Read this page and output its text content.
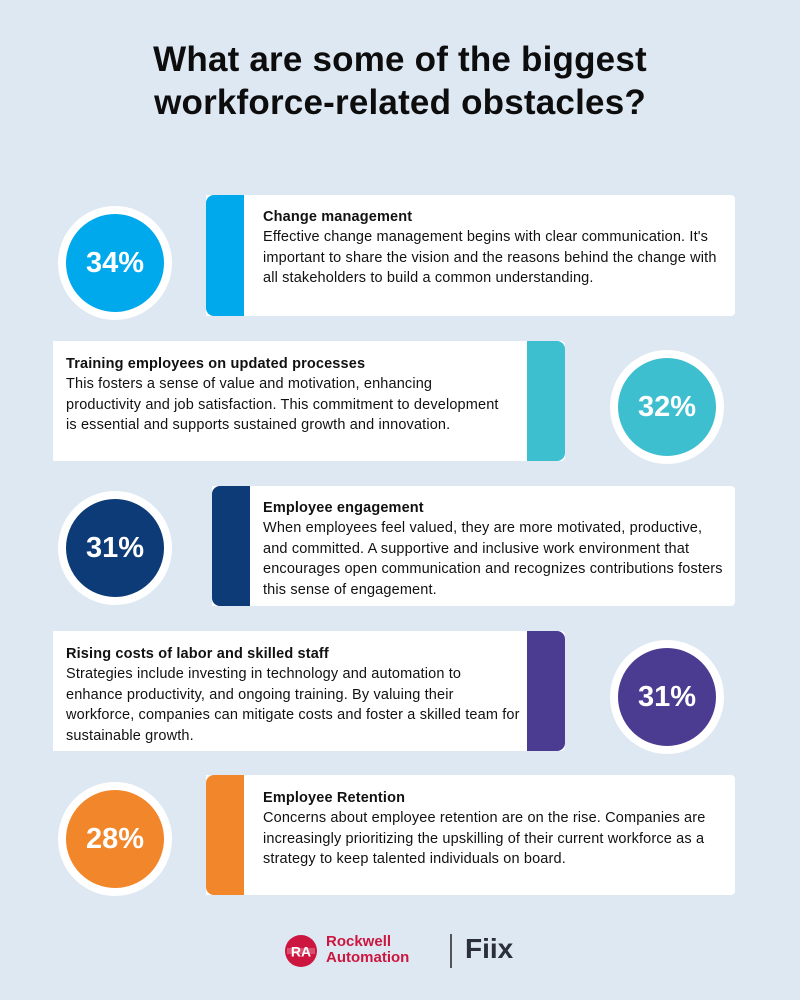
What are some of the biggest
workforce-related obstacles?
34%
Change management
Effective change management begins with clear communication. It's important to share the vision and the reasons behind the change with all stakeholders to build a common understanding.
Training employees on updated processes
This fosters a sense of value and motivation, enhancing productivity and job satisfaction. This commitment to development is essential and supports sustained growth and innovation.
32%
31%
Employee engagement
When employees feel valued, they are more motivated, productive, and committed. A supportive and inclusive work environment that encourages open communication and recognizes contributions fosters this sense of engagement.
Rising costs of labor and skilled staff
Strategies include investing in technology and automation to enhance productivity, and ongoing training. By valuing their workforce, companies can mitigate costs and foster a skilled team for sustainable growth.
31%
28%
Employee Retention
Concerns about employee retention are on the rise. Companies are increasingly prioritizing the upskilling of their current workforce as a strategy to keep talented individuals on board.
RA
Rockwell
Automation Fiix
